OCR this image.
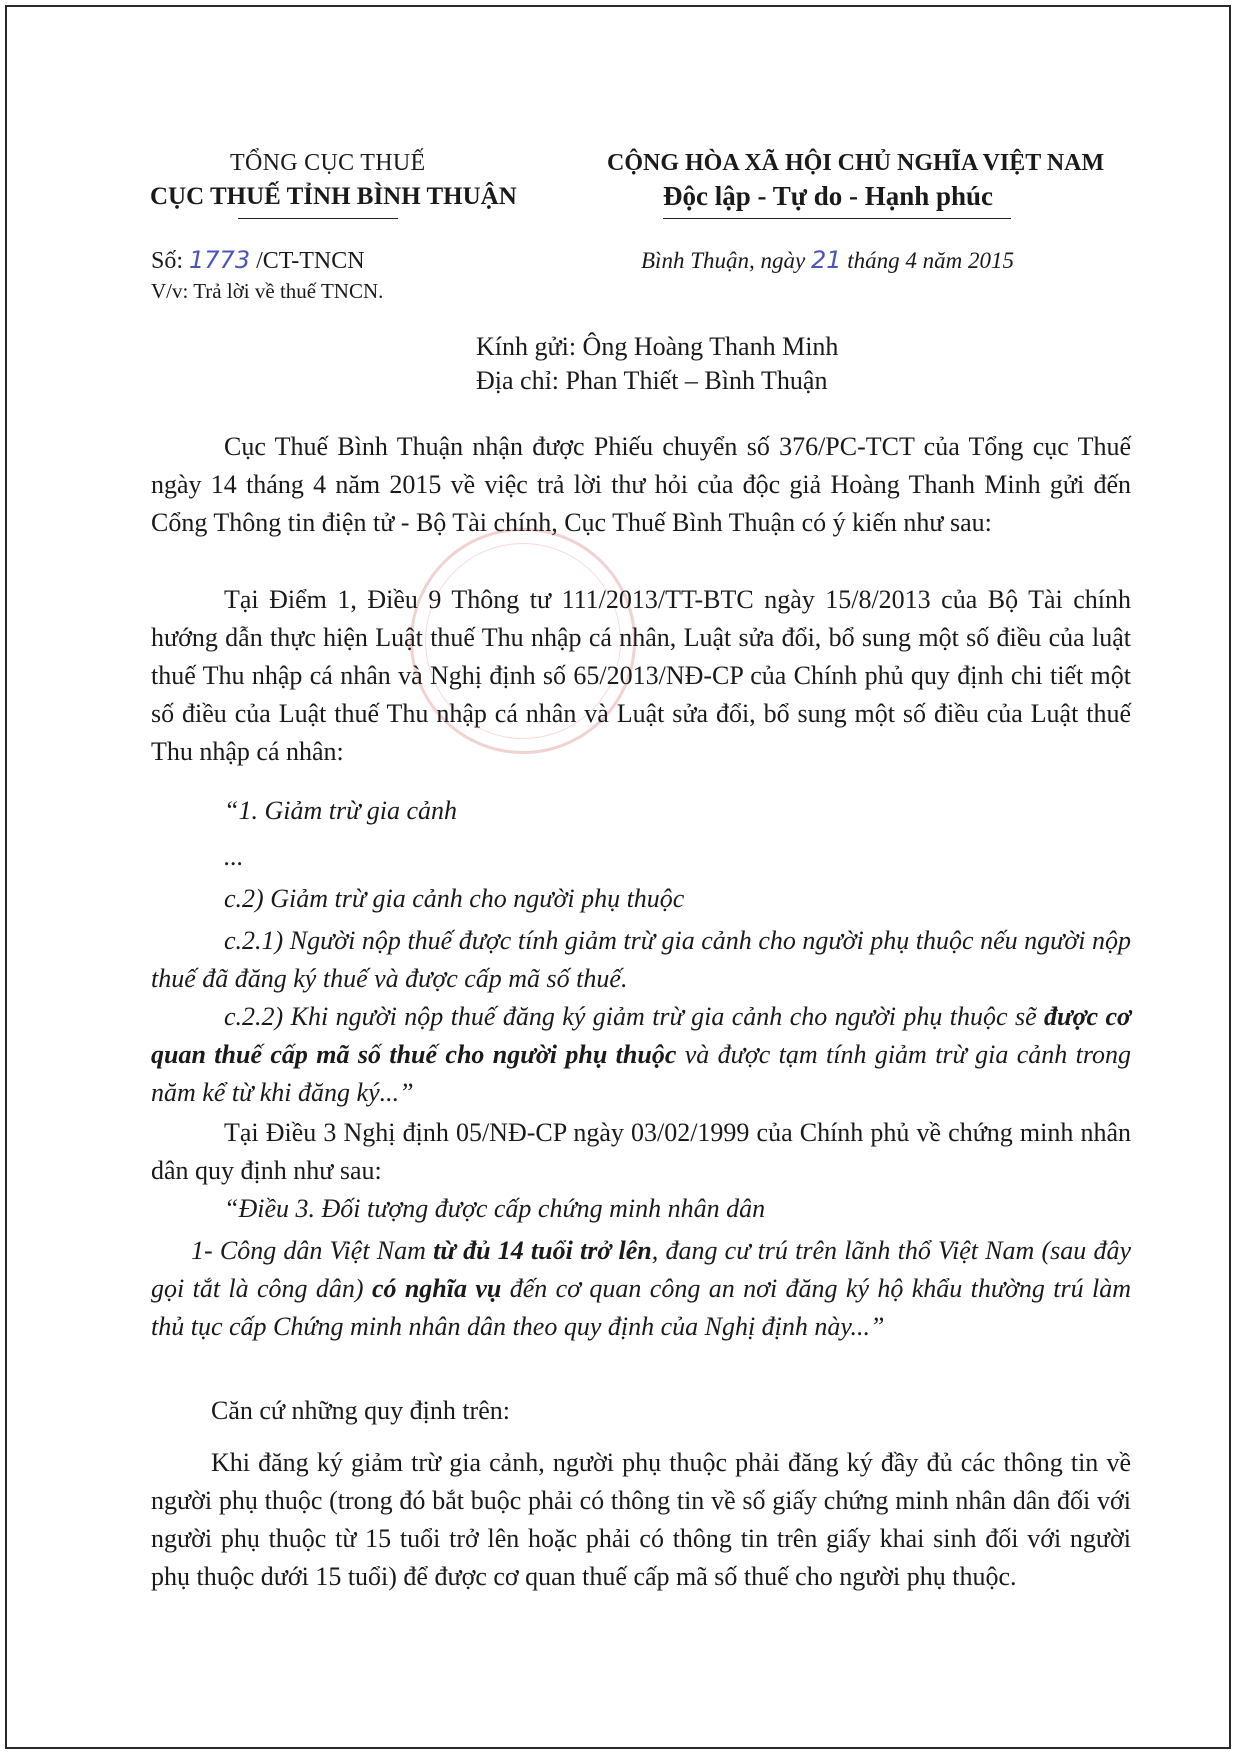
TỔNG CỤC THUẾ
CỤC THUẾ TỈNH BÌNH THUẬN
CỘNG HÒA XÃ HỘI CHỦ NGHĨA VIỆT NAM
Độc lập - Tự do - Hạnh phúc
Số: 1773 /CT-TNCN
V/v: Trả lời về thuế TNCN.
Bình Thuận, ngày 21 tháng 4 năm 2015
Kính gửi: Ông Hoàng Thanh Minh
Địa chỉ: Phan Thiết – Bình Thuận

Cục Thuế Bình Thuận nhận được Phiếu chuyển số 376/PC-TCT của Tổng cục Thuế ngày 14 tháng 4 năm 2015 về việc trả lời thư hỏi của độc giả Hoàng Thanh Minh gửi đến Cổng Thông tin điện tử - Bộ Tài chính, Cục Thuế Bình Thuận có ý kiến như sau:

Tại Điểm 1, Điều 9 Thông tư 111/2013/TT-BTC ngày 15/8/2013 của Bộ Tài chính hướng dẫn thực hiện Luật thuế Thu nhập cá nhân, Luật sửa đổi, bổ sung một số điều của luật thuế Thu nhập cá nhân và Nghị định số 65/2013/NĐ-CP của Chính phủ quy định chi tiết một số điều của Luật thuế Thu nhập cá nhân và Luật sửa đổi, bổ sung một số điều của Luật thuế Thu nhập cá nhân:

“1. Giảm trừ gia cảnh

...

c.2) Giảm trừ gia cảnh cho người phụ thuộc

c.2.1) Người nộp thuế được tính giảm trừ gia cảnh cho người phụ thuộc nếu người nộp thuế đã đăng ký thuế và được cấp mã số thuế.

c.2.2) Khi người nộp thuế đăng ký giảm trừ gia cảnh cho người phụ thuộc sẽ được cơ quan thuế cấp mã số thuế cho người phụ thuộc và được tạm tính giảm trừ gia cảnh trong năm kể từ khi đăng ký...”

Tại Điều 3 Nghị định 05/NĐ-CP ngày 03/02/1999 của Chính phủ về chứng minh nhân dân quy định như sau:

“Điều 3. Đối tượng được cấp chứng minh nhân dân

1- Công dân Việt Nam từ đủ 14 tuổi trở lên, đang cư trú trên lãnh thổ Việt Nam (sau đây gọi tắt là công dân) có nghĩa vụ đến cơ quan công an nơi đăng ký hộ khẩu thường trú làm thủ tục cấp Chứng minh nhân dân theo quy định của Nghị định này...”

Căn cứ những quy định trên:

Khi đăng ký giảm trừ gia cảnh, người phụ thuộc phải đăng ký đầy đủ các thông tin về người phụ thuộc (trong đó bắt buộc phải có thông tin về số giấy chứng minh nhân dân đối với người phụ thuộc từ 15 tuổi trở lên hoặc phải có thông tin trên giấy khai sinh đối với người phụ thuộc dưới 15 tuổi) để được cơ quan thuế cấp mã số thuế cho người phụ thuộc.
